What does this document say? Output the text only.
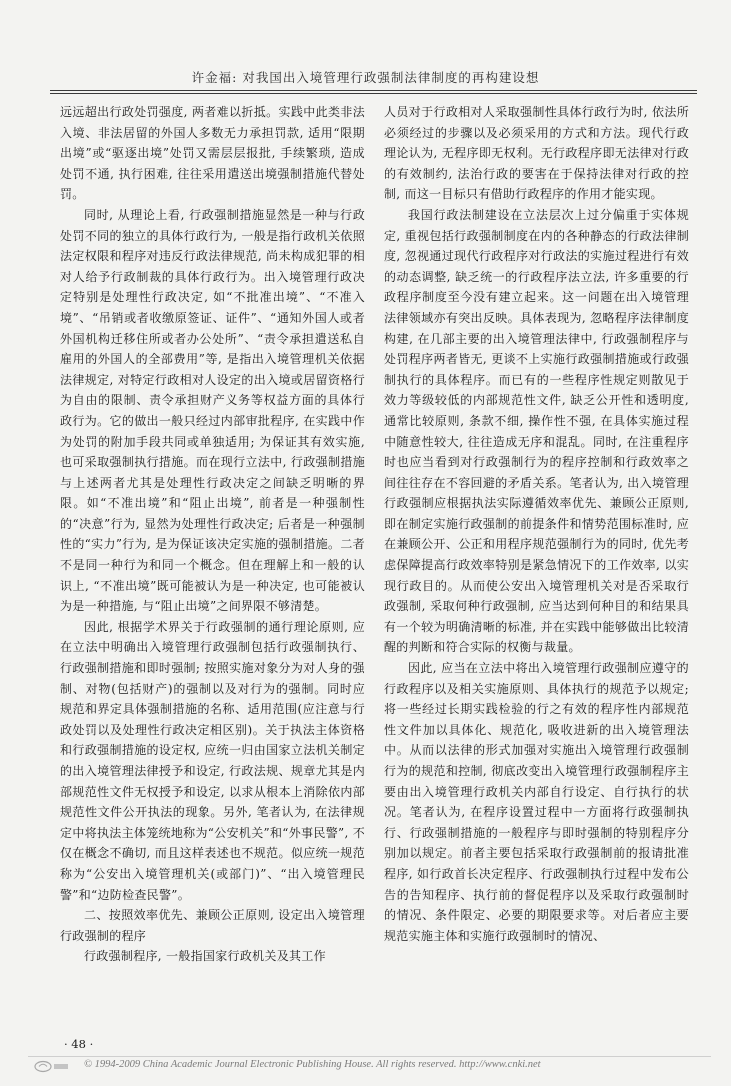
许金福: 对我国出入境管理行政强制法律制度的再构建设想

远远超出行政处罚强度, 两者难以折抵。实践中此类非法入境、非法居留的外国人多数无力承担罚款, 适用“限期出境”或“驱逐出境”处罚又需层层报批, 手续繁琐, 造成处罚不通, 执行困难, 往往采用遣送出境强制措施代替处罚。

同时, 从理论上看, 行政强制措施显然是一种与行政处罚不同的独立的具体行政行为, 一般是指行政机关依照法定权限和程序对违反行政法律规范, 尚未构成犯罪的相对人给予行政制裁的具体行政行为。出入境管理行政决定特别是处理性行政决定, 如“不批准出境”、“不准入境”、“吊销或者收缴原签证、证件”、“通知外国人或者外国机构迁移住所或者办公处所”、“责令承担遣送私自雇用的外国人的全部费用”等, 是指出入境管理机关依据法律规定, 对特定行政相对人设定的出入境或居留资格行为自由的限制、责令承担财产义务等权益方面的具体行政行为。它的做出一般只经过内部审批程序, 在实践中作为处罚的附加手段共同或单独适用; 为保证其有效实施, 也可采取强制执行措施。而在现行立法中, 行政强制措施与上述两者尤其是处理性行政决定之间缺乏明晰的界限。如“不准出境”和“阻止出境”, 前者是一种强制性的“决意”行为, 显然为处理性行政决定; 后者是一种强制性的“实力”行为, 是为保证该决定实施的强制措施。二者不是同一种行为和同一个概念。但在理解上和一般的认识上, “不准出境”既可能被认为是一种决定, 也可能被认为是一种措施, 与“阻止出境”之间界限不够清楚。

因此, 根据学术界关于行政强制的通行理论原则, 应在立法中明确出入境管理行政强制包括行政强制执行、行政强制措施和即时强制; 按照实施对象分为对人身的强制、对物(包括财产)的强制以及对行为的强制。同时应规范和界定具体强制措施的名称、适用范围(应注意与行政处罚以及处理性行政决定相区别)。关于执法主体资格和行政强制措施的设定权, 应统一归由国家立法机关制定的出入境管理法律授予和设定, 行政法规、规章尤其是内部规范性文件无权授予和设定, 以求从根本上消除依内部规范性文件公开执法的现象。另外, 笔者认为, 在法律规定中将执法主体笼统地称为“公安机关”和“外事民警”, 不仅在概念不确切, 而且这样表述也不规范。似应统一规范称为“公安出入境管理机关(或部门)”、“出入境管理民警”和“边防检查民警”。

二、按照效率优先、兼顾公正原则, 设定出入境管理行政强制的程序

行政强制程序, 一般指国家行政机关及其工作

人员对于行政相对人采取强制性具体行政行为时, 依法所必须经过的步骤以及必须采用的方式和方法。现代行政理论认为, 无程序即无权利。无行政程序即无法律对行政的有效制约, 法治行政的要害在于保持法律对行政的控制, 而这一目标只有借助行政程序的作用才能实现。

我国行政法制建设在立法层次上过分偏重于实体规定, 重视包括行政强制制度在内的各种静态的行政法律制度, 忽视通过现代行政程序对行政法的实施过程进行有效的动态调整, 缺乏统一的行政程序法立法, 许多重要的行政程序制度至今没有建立起来。这一问题在出入境管理法律领域亦有突出反映。具体表现为, 忽略程序法律制度构建, 在几部主要的出入境管理法律中, 行政强制程序与处罚程序两者皆无, 更谈不上实施行政强制措施或行政强制执行的具体程序。而已有的一些程序性规定则散见于效力等级较低的内部规范性文件, 缺乏公开性和透明度, 通常比较原则, 条款不细, 操作性不强, 在具体实施过程中随意性较大, 往往造成无序和混乱。同时, 在注重程序时也应当看到对行政强制行为的程序控制和行政效率之间往往存在不容回避的矛盾关系。笔者认为, 出入境管理行政强制应根据执法实际遵循效率优先、兼顾公正原则, 即在制定实施行政强制的前提条件和情势范围标准时, 应在兼顾公开、公正和用程序规范强制行为的同时, 优先考虑保障提高行政效率特别是紧急情况下的工作效率, 以实现行政目的。从而使公安出入境管理机关对是否采取行政强制, 采取何种行政强制, 应当达到何种目的和结果具有一个较为明确清晰的标准, 并在实践中能够做出比较清醒的判断和符合实际的权衡与裁量。

因此, 应当在立法中将出入境管理行政强制应遵守的行政程序以及相关实施原则、具体执行的规范予以规定; 将一些经过长期实践检验的行之有效的程序性内部规范性文件加以具体化、规范化, 吸收进新的出入境管理法中。从而以法律的形式加强对实施出入境管理行政强制行为的规范和控制, 彻底改变出入境管理行政强制程序主要由出入境管理行政机关内部自行设定、自行执行的状况。笔者认为, 在程序设置过程中一方面将行政强制执行、行政强制措施的一般程序与即时强制的特别程序分别加以规定。前者主要包括采取行政强制前的报请批准程序, 如行政首长决定程序、行政强制执行过程中发布公告的告知程序、执行前的督促程序以及采取行政强制时的情况、条件限定、必要的期限要求等。对后者应主要规范实施主体和实施行政强制时的情况、

· 48 ·
© 1994-2009 China Academic Journal Electronic Publishing House. All rights reserved. http://www.cnki.net
